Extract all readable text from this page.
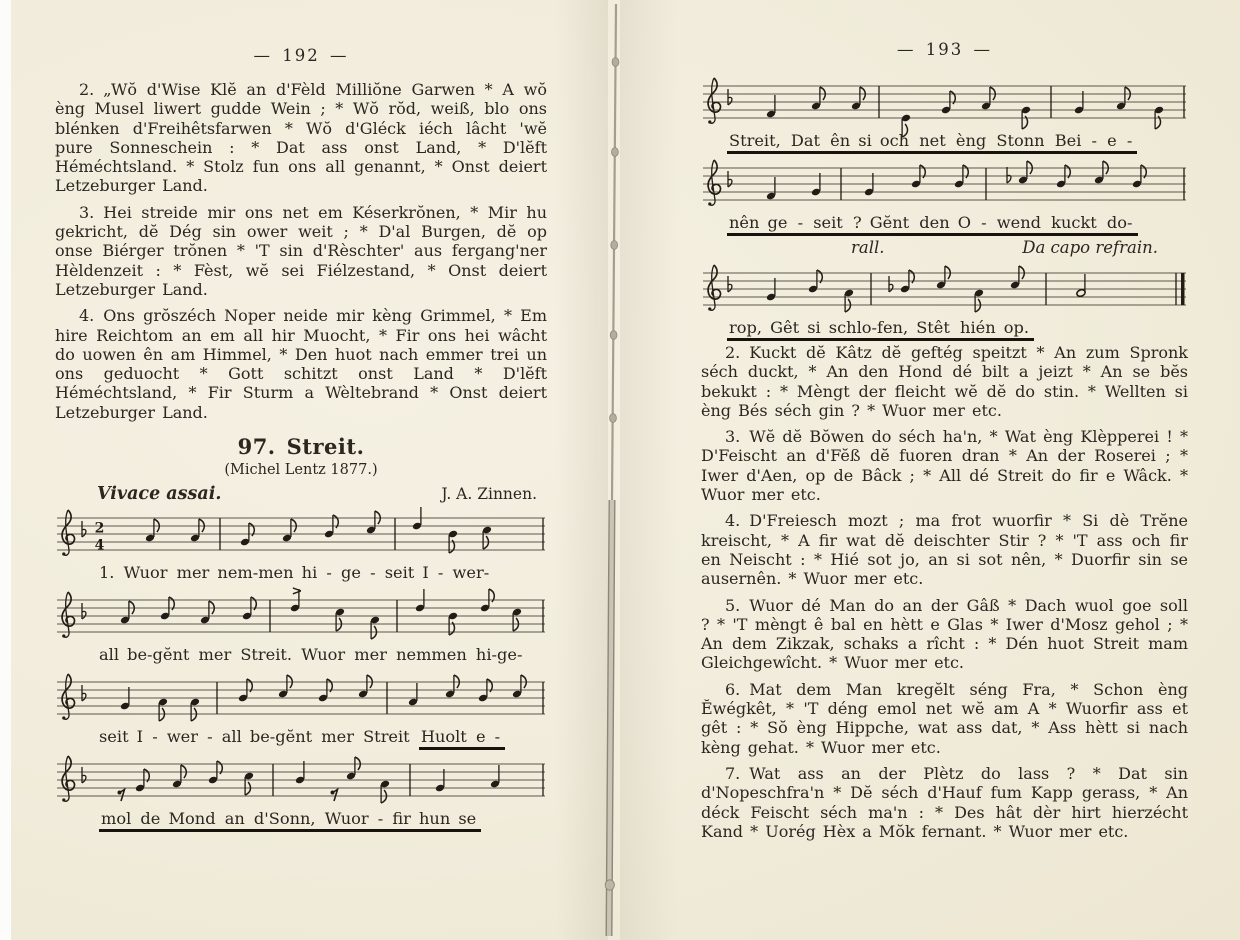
— 192 —

2. „Wŏ d'Wise Klĕ an d'Fèld Milliŏne Garwen * A wŏ èng Musel liwert gudde Wein ; * Wŏ rŏd, weiß, blo ons blénken d'Freihêtsfarwen * Wŏ d'Gléck iéch lâcht 'wĕ pure Sonneschein : * Dat ass onst Land, * D'lĕft Héméchtsland. * Stolz fun ons all genannt, * Onst deiert Letzeburger Land.

3. Hei streide mir ons net em Késerkrŏnen, * Mir hu gekricht, dĕ Dég sin ower weit ; * D'al Burgen, dĕ op onse Biérger trŏnen * 'T sin d'Rèschter' aus fergang'ner Hèldenzeit : * Fèst, wĕ sei Fiélzestand, * Onst deiert Letzeburger Land.

4. Ons grŏszéch Noper neide mir kèng Grimmel, * Em hire Reichtom an em all hir Muocht, * Fir ons hei wâcht do uowen ên am Himmel, * Den huot nach emmer trei un ons geduocht * Gott schitzt onst Land * D'lĕft Héméchtsland, * Fir Sturm a Wèltebrand * Onst deiert Letzeburger Land.

97. Streit.
(Michel Lentz 1877.)
Vivace assai.	J. A. Zinnen.
2
4
1. Wuor mer nem-men hi - ge - seit I - wer-
>
all be-gĕnt mer Streit. Wuor mer nemmen hi-ge-
seit I - wer - all be-gĕnt mer Streit Huolt e -
mol de Mond an d'Sonn, Wuor - fir hun se
— 193 —
Streit, Dat ên si och net èng Stonn Bei - e -
nên ge - seit ? Gĕnt den O - wend kuckt do-
rall.	Da capo refrain.
rop, Gêt si schlo-fen, Stêt hién op.

2. Kuckt dĕ Kâtz dĕ geftég speitzt * An zum Spronk séch duckt, * An den Hond dé bilt a jeizt * An se bĕs bekukt : * Mèngt der fleicht wĕ dĕ do stin. * Wellten si èng Bés séch gin ? * Wuor mer etc.

3. Wĕ dĕ Bŏwen do séch ha'n, * Wat èng Klèpperei ! * D'Feischt an d'Fĕß dĕ fuoren dran * An der Roserei ; * Iwer d'Aen, op de Bâck ; * All dé Streit do fir e Wâck. * Wuor mer etc.

4. D'Freiesch mozt ; ma frot wuorfir * Si dè Trĕne kreischt, * A fir wat dĕ deischter Stir ? * 'T ass och fir en Neischt : * Hié sot jo, an si sot nên, * Duorfir sin se ausernên. * Wuor mer etc.

5. Wuor dé Man do an der Gâß * Dach wuol goe soll ? * 'T mèngt ê bal en hètt e Glas * Iwer d'Mosz gehol ; * An dem Zikzak, schaks a rîcht : * Dén huot Streit mam Gleichgewîcht. * Wuor mer etc.

6. Mat dem Man kregĕlt séng Fra, * Schon èng Ĕwégkêt, * 'T déng emol net wĕ am A * Wuorfir ass et gêt : * Sŏ èng Hippche, wat ass dat, * Ass hètt si nach kèng gehat. * Wuor mer etc.

7. Wat ass an der Plètz do lass ? * Dat sin d'Nopeschfra'n * Dĕ séch d'Hauf fum Kapp gerass, * An déck Feischt séch ma'n : * Des hât dèr hirt hierzécht Kand * Uorég Hèx a Mŏk fernant. * Wuor mer etc.
